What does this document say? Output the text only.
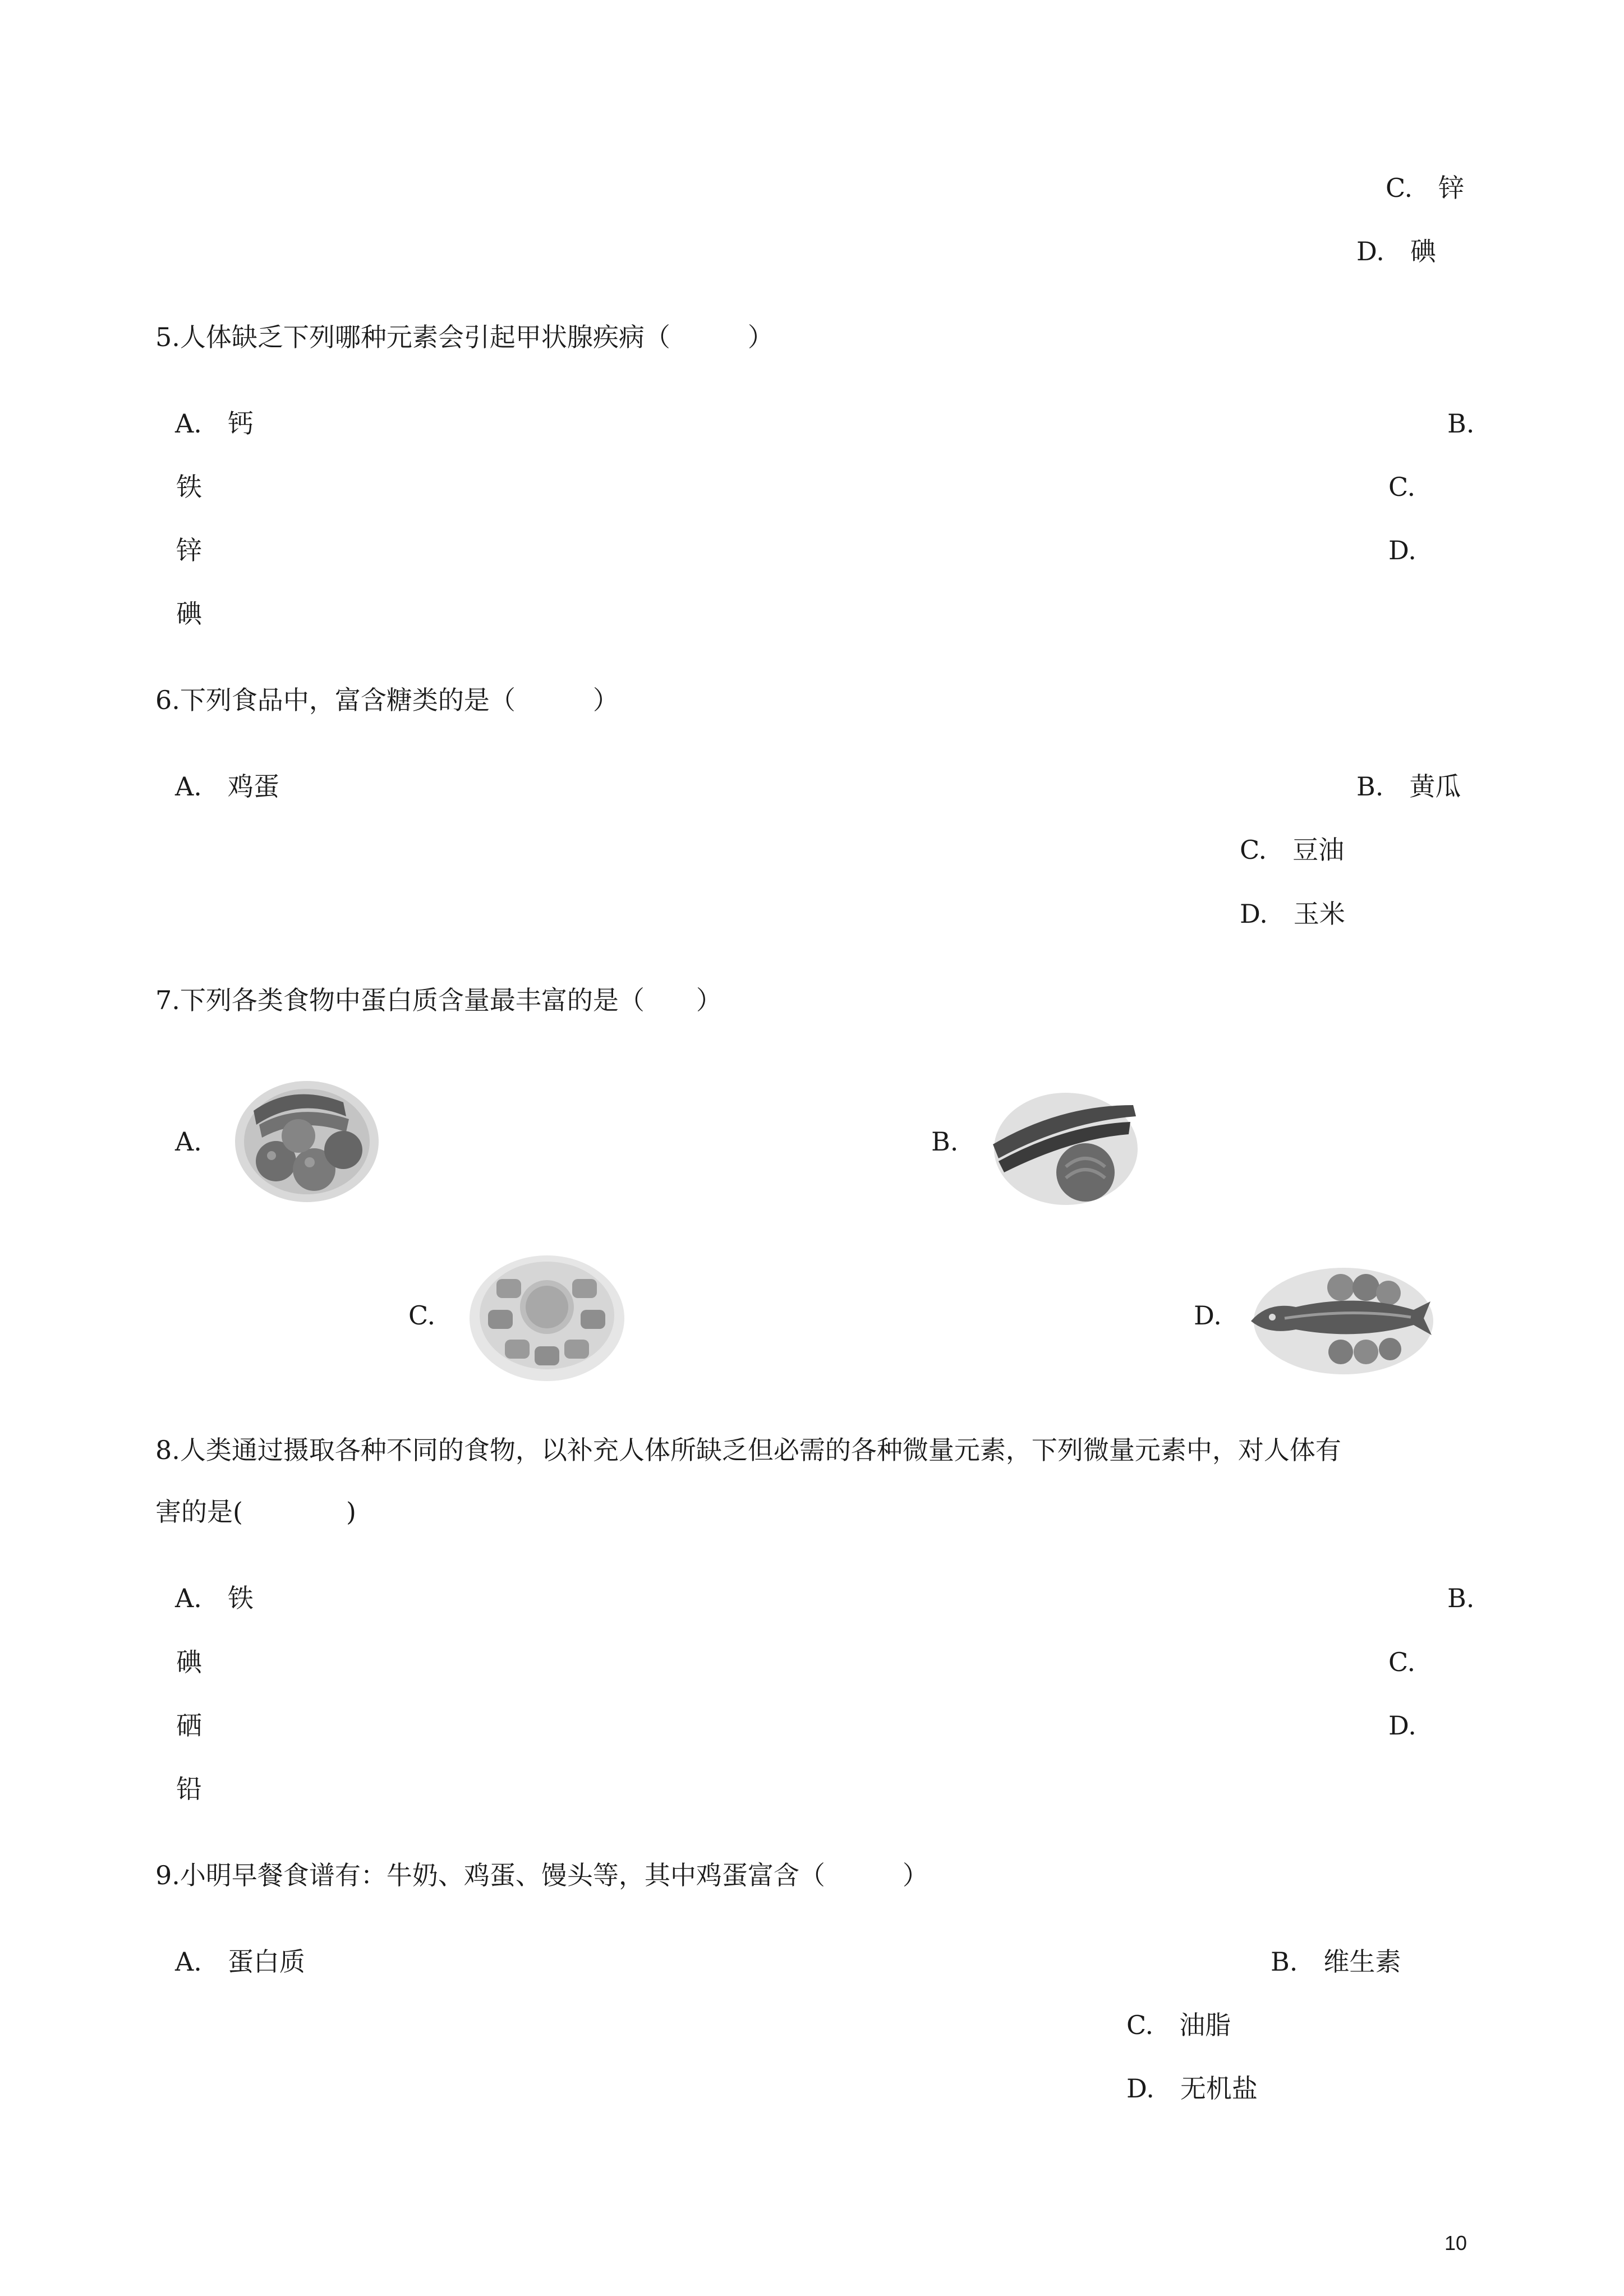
C.　锌
D.　碘
5.人体缺乏下列哪种元素会引起甲状腺疾病（　　　）
A.　钙	B.
铁	C.
锌	D.
碘
6.下列食品中，富含糖类的是（　　　）
A.　鸡蛋	B.　黄瓜
C.　豆油
D.　玉米
7.下列各类食物中蛋白质含量最丰富的是（　　）
A.	B.
C.	D.
8.人类通过摄取各种不同的食物，以补充人体所缺乏但必需的各种微量元素，下列微量元素中，对人体有
害的是(　　　　)
A.　铁	B.
碘	C.
硒	D.
铅
9.小明早餐食谱有：牛奶、鸡蛋、馒头等，其中鸡蛋富含（　　　）
A.　蛋白质	B.　维生素
C.　油脂
D.　无机盐
10
